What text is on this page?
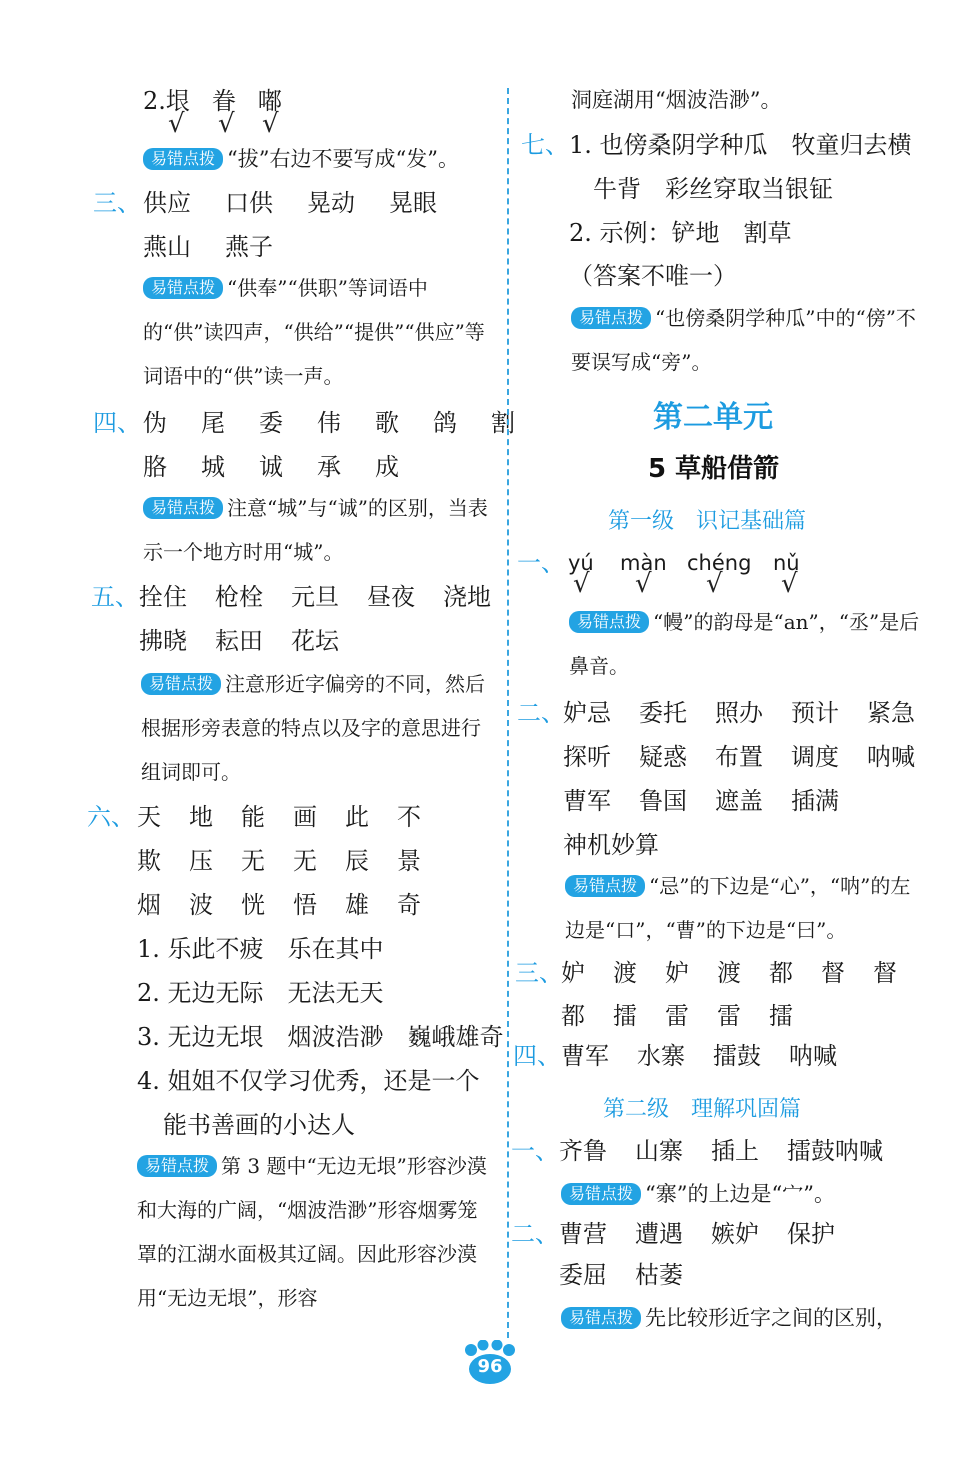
2.垠 眷 嘟
√ √ √
易错点拨 “拔”右边不要写成“发”。
三、 供应 口供 晃动 晃眼
燕山 燕子
易错点拨 “供奉”“供职”等词语中的“供”读四声，“供给”“提供”“供应”等词语中的“供”读一声。
四、 伪 尾 委 伟 歌 鸽 割
胳 城 诚 承 成
易错点拨 注意“城”与“诚”的区别，当表示一个地方时用“城”。
五、 拴住 枪栓 元旦 昼夜 浇地
拂晓 耘田 花坛
易错点拨 注意形近字偏旁的不同，然后根据形旁表意的特点以及字的意思进行组词即可。
六、 天 地 能 画 此 不
欺 压 无 无 辰 景
烟 波 恍 悟 雄 奇
1. 乐此不疲　乐在其中
2. 无边无际　无法无天
3. 无边无垠　烟波浩渺　巍峨雄奇
4. 姐姐不仅学习优秀，还是一个
能书善画的小达人
易错点拨 第 3 题中“无边无垠”形容沙漠和大海的广阔，“烟波浩渺”形容烟雾笼罩的江湖水面极其辽阔。因此形容沙漠用“无边无垠”，形容
洞庭湖用“烟波浩渺”。
七、 1. 也傍桑阴学种瓜　牧童归去横
牛背　彩丝穿取当银钲
2. 示例：铲地　割草
（答案不唯一）
易错点拨 “也傍桑阴学种瓜”中的“傍”不要误写成“旁”。
第二单元
5 草船借箭
第一级　识记基础篇
一、 yú màn chéng nǔ
√ √ √ √
易错点拨 “幔”的韵母是“an”，“丞”是后鼻音。
二、
妒忌 委托 照办 预计 紧急
探听 疑惑 布置 调度 呐喊
曹军 鲁国 遮盖 插满
神机妙算
易错点拨 “忌”的下边是“心”，“呐”的左边是“口”，“曹”的下边是“曰”。
三、
妒 渡 妒 渡 都 督 督
都 擂 雷 雷 擂
四、 曹军 水寨 擂鼓 呐喊
第二级　理解巩固篇
一、 齐鲁 山寨 插上 擂鼓呐喊
易错点拨 “寨”的上边是“宀”。
二、 曹营 遭遇 嫉妒 保护
委屈 枯萎
易错点拨 先比较形近字之间的区别，
96
